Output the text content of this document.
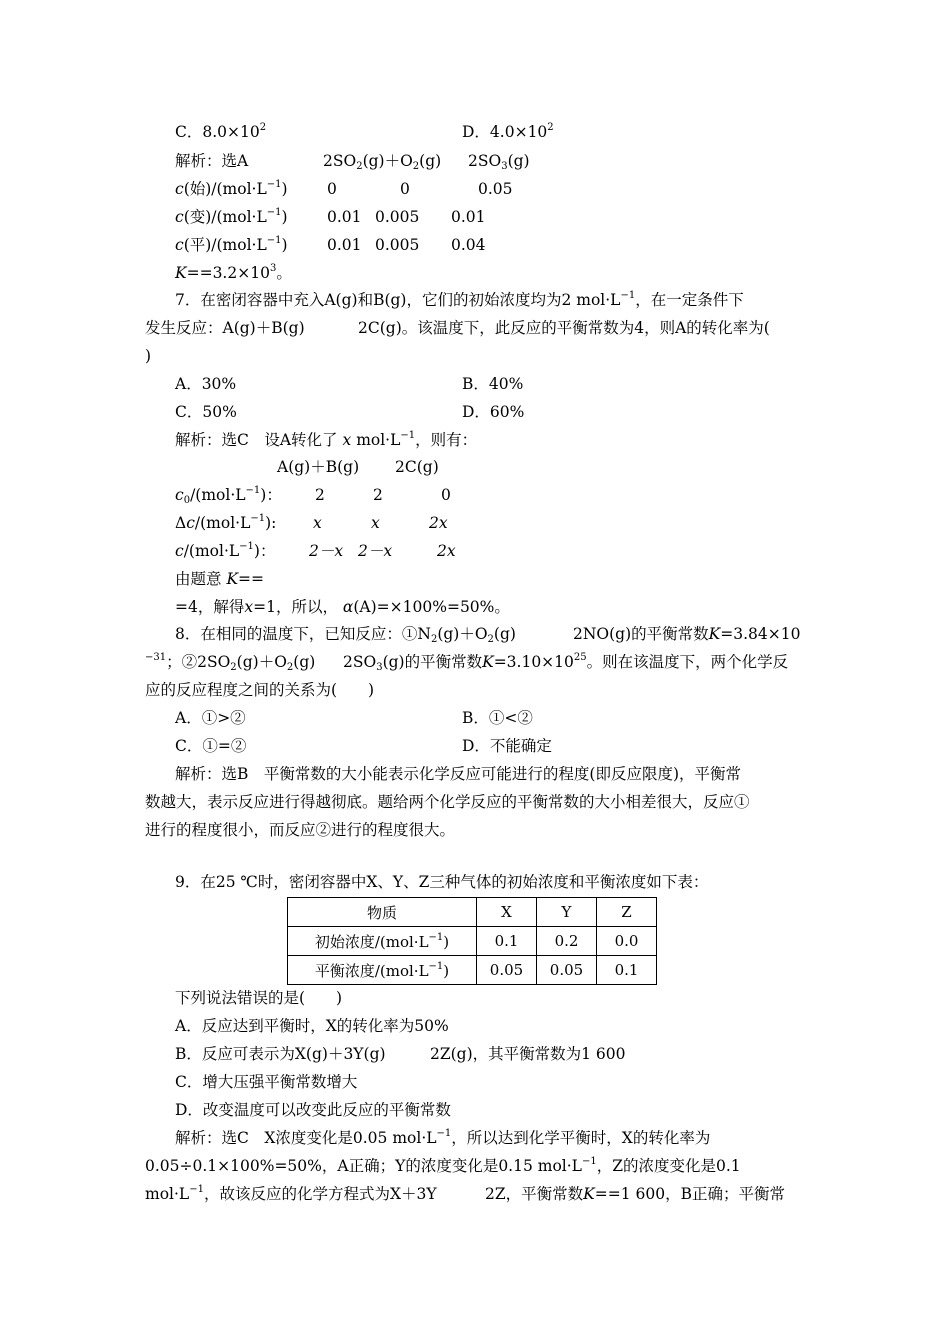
C．$8.0\times 10^2$	D．$4.0\times 10^2$
解析：选A	$2SO_2(g)+O_2(g)$ $2SO_3(g)$
c(始)$/(mol\cdot L^{-1})$	0	0	0.05
c(变)$/(mol\cdot L^{-1})$	0.01 0.005 0.01
c(平)$/(mol\cdot L^{-1})$	0.01 0.005 0.04
$K==3.2\times 10^3$。
7．在密闭容器中充入A(g)和B(g)，它们的初始浓度均为2 $mol\cdot L^{-1}$，在一定条件下
发生反应：A(g)＋B(g)	2C(g)。该温度下，此反应的平衡常数为4，则A的转化率为(
)
A．30%	B．40%
C．50%	D．60%
解析：选C　设A转化了 x $mol\cdot L^{-1}$，则有：
A(g)＋B(g) 2C(g)
$c_0/(mol\cdot L^{-1})$： 2	2	0
$\Delta c/(mol\cdot L^{-1})$: x	x	2x
$c/(mol\cdot L^{-1})$： 2－x 2－x	2x
由题意 K==
=4，解得x=1，所以， α(A)=×100%=50%。
8．在相同的温度下，已知反应：$①N_2(g)+O_2(g)$	2NO(g)的平衡常数K=3.84×10
$^{-31}$；$②2SO_2(g)+O_2(g)$ $2SO_3(g)$的平衡常数$K=3.10\times 10^{25}$。则在该温度下，两个化学反
应的反应程度之间的关系为(　　)
A．①>②	B．①<②
C．①=②	D．不能确定
解析：选B　平衡常数的大小能表示化学反应可能进行的程度(即反应限度)，平衡常
数越大，表示反应进行得越彻底。题给两个化学反应的平衡常数的大小相差很大，反应①
进行的程度很小，而反应②进行的程度很大。
9．在25 ℃时，密闭容器中X、Y、Z三种气体的初始浓度和平衡浓度如下表：
物质	X	Y	Z
初始浓度$/(mol\cdot L^{-1})$	0.1	0.2	0.0
平衡浓度$/(mol\cdot L^{-1})$	0.05	0.05	0.1
下列说法错误的是(　　)
A．反应达到平衡时，X的转化率为50%
B．反应可表示为X(g)＋3Y(g)	2Z(g)，其平衡常数为1 600
C．增大压强平衡常数增大
D．改变温度可以改变此反应的平衡常数
解析：选C　X浓度变化是0.05 $mol\cdot L^{-1}$，所以达到化学平衡时，X的转化率为
0.05÷0.1×100%=50%，A正确；Y的浓度变化是0.15 $mol\cdot L^{-1}$，Z的浓度变化是0.1
$mol\cdot L^{-1}$，故该反应的化学方程式为X＋3Y	2Z，平衡常数K==1 600，B正确；平衡常
